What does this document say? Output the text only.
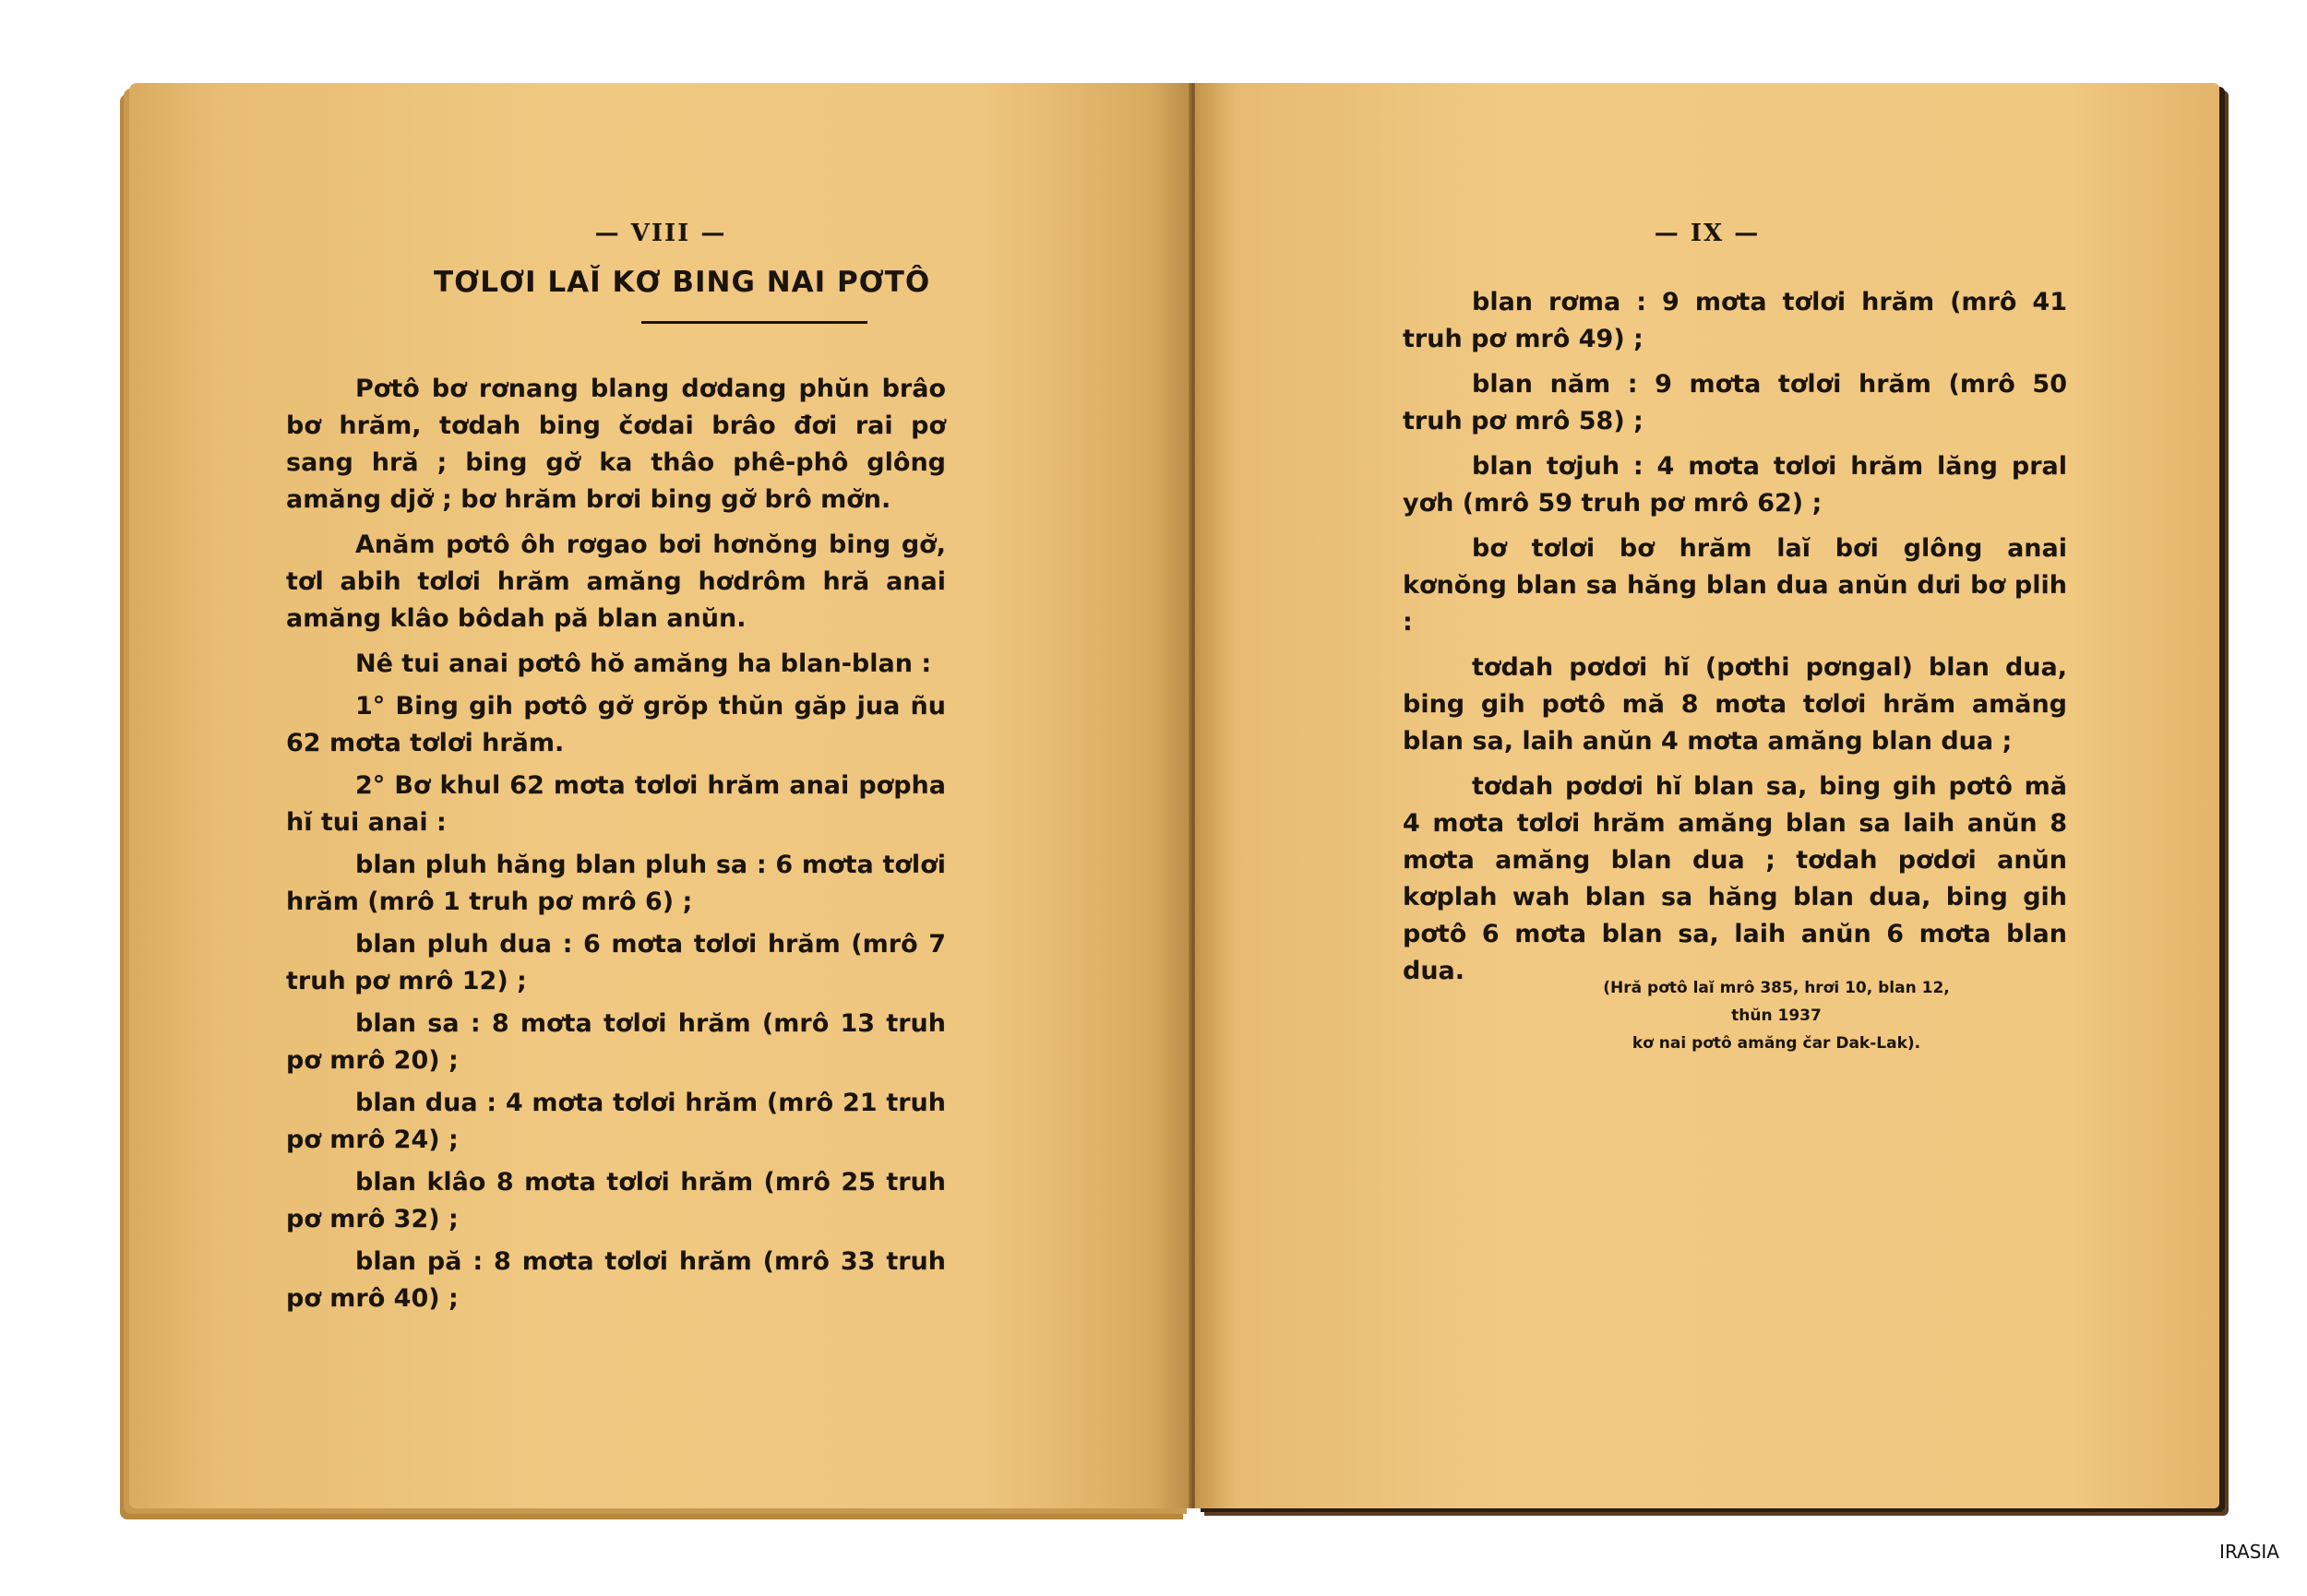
— VIII —
TƠLƠI LAĬ KƠ BING NAI PƠTÔ

Pơtô bơ rơnang blang dơdang phŭn brâo bơ hrăm, tơdah bing čơdai brâo đơi rai pơ sang hră ; bing gơ̆ ka thâo phê-phô glông amăng djơ̆ ; bơ hrăm brơi bing gơ̆ brô mơ̆n.

Anăm pơtô ôh rơgao bơi hơnŏng bing gơ̆, tơl abih tơlơi hrăm amăng hơdrôm hră anai amăng klâo bôdah pă blan anŭn.

Nê tui anai pơtô hŏ amăng ha blan-blan :

1° Bing gih pơtô gơ̆ grŏp thŭn găp jua ñu 62 mơta tơlơi hrăm.

2° Bơ khul 62 mơta tơlơi hrăm anai pơpha hĭ tui anai :

blan pluh hăng blan pluh sa : 6 mơta tơlơi hrăm (mrô 1 truh pơ mrô 6) ;

blan pluh dua : 6 mơta tơlơi hrăm (mrô 7 truh pơ mrô 12) ;

blan sa : 8 mơta tơlơi hrăm (mrô 13 truh pơ mrô 20) ;

blan dua : 4 mơta tơlơi hrăm (mrô 21 truh pơ mrô 24) ;

blan klâo 8 mơta tơlơi hrăm (mrô 25 truh pơ mrô 32) ;

blan pă : 8 mơta tơlơi hrăm (mrô 33 truh pơ mrô 40) ;

— IX —

blan rơma : 9 mơta tơlơi hrăm (mrô 41 truh pơ mrô 49) ;

blan năm : 9 mơta tơlơi hrăm (mrô 50 truh pơ mrô 58) ;

blan tơjuh : 4 mơta tơlơi hrăm lăng pral yơh (mrô 59 truh pơ mrô 62) ;

bơ tơlơi bơ hrăm laĭ bơi glông anai kơnŏng blan sa hăng blan dua anŭn dưi bơ plih :

tơdah pơdơi hĭ (pơthi pơngal) blan dua, bing gih pơtô mă 8 mơta tơlơi hrăm amăng blan sa, laih anŭn 4 mơta amăng blan dua ;

tơdah pơdơi hĭ blan sa, bing gih pơtô mă 4 mơta tơlơi hrăm amăng blan sa laih anŭn 8 mơta amăng blan dua ; tơdah pơdơi anŭn kơplah wah blan sa hăng blan dua, bing gih pơtô 6 mơta blan sa, laih anŭn 6 mơta blan dua.

(Hră pơtô laĭ mrô 385, hrơi 10, blan 12, thŭn 1937
kơ nai pơtô amăng čar Dak-Lak).
IRASIA
